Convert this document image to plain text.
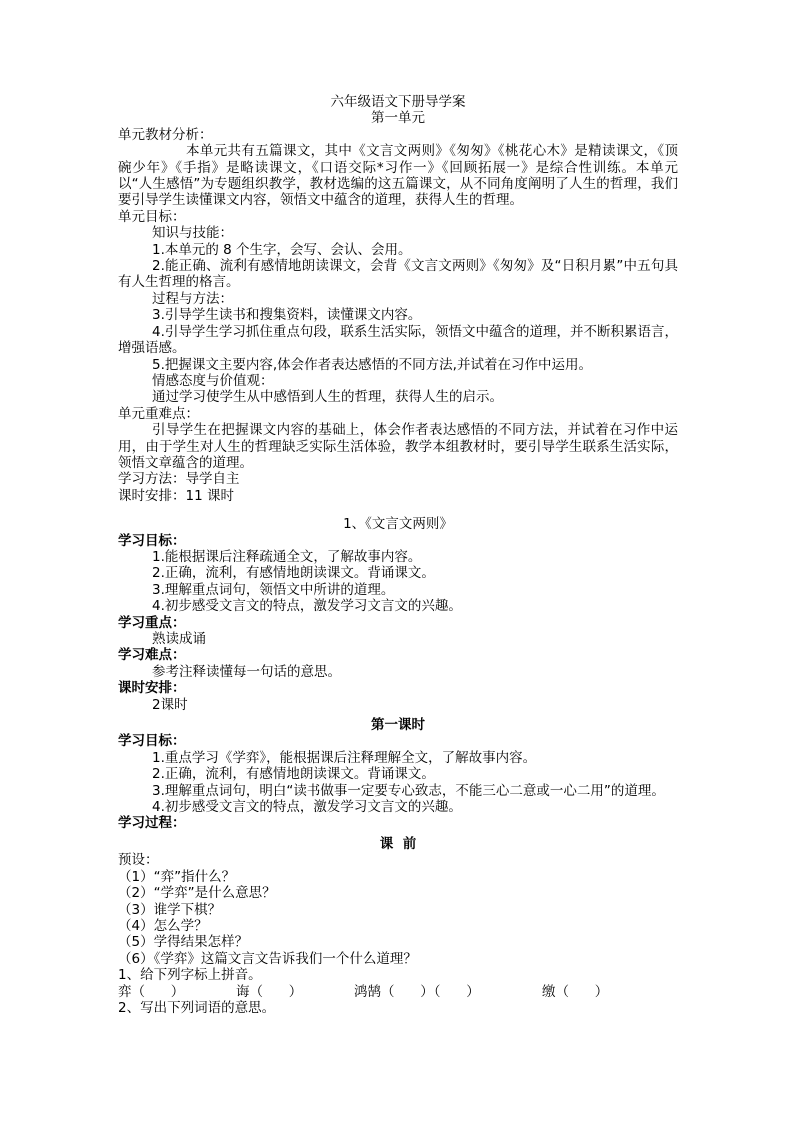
六年级语文下册导学案
第一单元
单元教材分析：
本单元共有五篇课文，其中《文言文两则》《匆匆》《桃花心木》是精读课文，《顶碗少年》《手指》是略读课文，《口语交际*习作一》《回顾拓展一》是综合性训练。本单元以“人生感悟”为专题组织教学，教材选编的这五篇课文，从不同角度阐明了人生的哲理，我们要引导学生读懂课文内容，领悟文中蕴含的道理，获得人生的哲理。
单元目标：
知识与技能：
1.本单元的 8 个生字，会写、会认、会用。
2.能正确、流利有感情地朗读课文，会背《文言文两则》《匆匆》及“日积月累”中五句具有人生哲理的格言。
过程与方法：
3.引导学生读书和搜集资料，读懂课文内容。
4.引导学生学习抓住重点句段，联系生活实际，领悟文中蕴含的道理，并不断积累语言，增强语感。
5.把握课文主要内容,体会作者表达感悟的不同方法,并试着在习作中运用。
情感态度与价值观：
通过学习使学生从中感悟到人生的哲理，获得人生的启示。
单元重难点：
引导学生在把握课文内容的基础上，体会作者表达感悟的不同方法，并试着在习作中运用，由于学生对人生的哲理缺乏实际生活体验，教学本组教材时，要引导学生联系生活实际，领悟文章蕴含的道理。
学习方法：导学自主
课时安排：11 课时
1、《文言文两则》
学习目标：
1.能根据课后注释疏通全文，了解故事内容。
2.正确，流利，有感情地朗读课文。背诵课文。
3.理解重点词句，领悟文中所讲的道理。
4.初步感受文言文的特点，激发学习文言文的兴趣。
学习重点：
熟读成诵
学习难点：
参考注释读懂每一句话的意思。
课时安排：
2课时
第一课时
学习目标：
1.重点学习《学弈》，能根据课后注释理解全文，了解故事内容。
2.正确，流利，有感情地朗读课文。背诵课文。
3.理解重点词句，明白“读书做事一定要专心致志，不能三心二意或一心二用”的道理。
4.初步感受文言文的特点，激发学习文言文的兴趣。
学习过程：
课  前
预设：
（1）“弈”指什么？
（2）“学弈”是什么意思？
（3）谁学下棋？
（4）怎么学？
（5）学得结果怎样？
（6）《学弈》这篇文言文告诉我们一个什么道理？
1、给下列字标上拼音。
弈（      ）	诲（      ）	鸿鹄（      ）（      ）	缴（      ）
2、写出下列词语的意思。
